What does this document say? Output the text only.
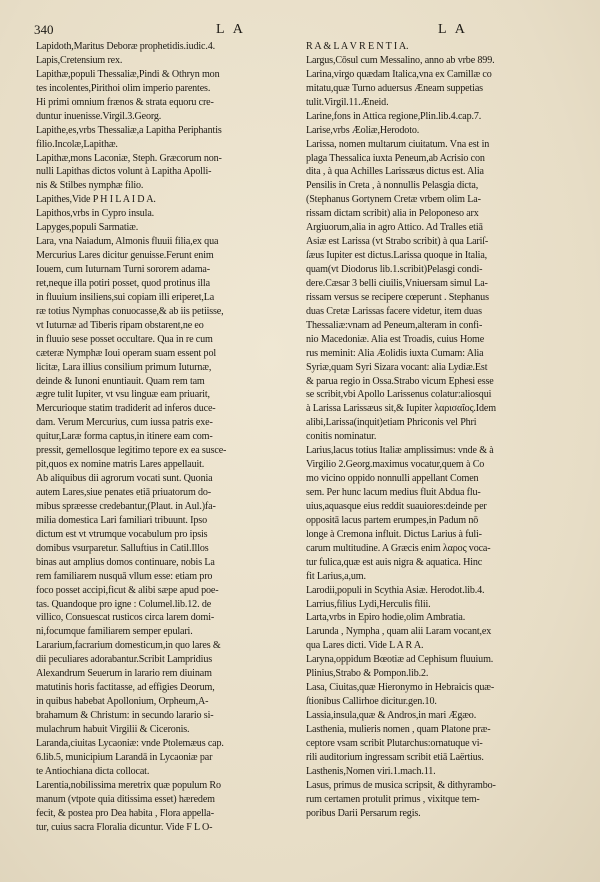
340	L A	L A
Lapidoth,Maritus Deboræ prophetidis.iudic.4.
Lapis,Cretensium rex.
Lapithæ,populi Thessaliæ,Pindi & Othryn mon
tes incolentes,Pirithoi olim imperio parentes.
Hi primi omnium frænos & strata equoru cre-
duntur inuenisse.Virgil.3.Georg.
Lapithe,es,vrbs Thessaliæ,a Lapitha Periphantis
filio.Incolæ,Lapithæ.
Lapithæ,mons Laconiæ, Steph. Græcorum non-
nulli Lapithas dictos volunt à Lapitha Apolli-
nis & Stilbes nymphæ filio.
Lapithes,Vide P H I L A I D A.
Lapithos,vrbs in Cypro insula.
Lapyges,populi Sarmatiæ.
Lara, vna Naiadum, Almonis fluuii filia,ex qua
Mercurius Lares dicitur genuisse.Ferunt enim
Iouem, cum Iuturnam Turni sororem adama-
ret,neque illa potiri posset, quod protinus illa
in fluuium insiliens,sui copiam illi eriperet,La
ræ totius Nymphas conuocasse,& ab iis petiisse,
vt Iuturnæ ad Tiberis ripam obstarent,ne eo
in fluuio sese posset occultare. Qua in re cum
cæteræ Nymphæ Ioui operam suam essent pol
licitæ, Lara illius consilium primum Iuturnæ,
deinde & Iunoni enuntiauit. Quam rem tam
ægre tulit Iupiter, vt vsu linguæ eam priuarit,
Mercurioque statim tradiderit ad inferos duce-
dam. Verum Mercurius, cum iussa patris exe-
quitur,Laræ forma captus,in itinere eam com-
pressit, gemellosque legitimo tepore ex ea susce-
pit,quos ex nomine matris Lares appellauit.
Ab aliquibus dii agrorum vocati sunt. Quonia
autem Lares,siue penates etiā priuatorum do-
mibus spræesse credebantur,(Plaut. in Aul.)fa-
milia domestica Lari familiari tribuunt. Ipso
dictum est vt vtrumque vocabulum pro ipsis
domibus vsurparetur. Salluftius in Catil.Illos
binas aut amplius domos continuare, nobis La
rem familiarem nusquā vllum esse: etiam pro
foco posset accipi,ficut & alibi sæpe apud poe-
tas. Quandoque pro igne : Columel.lib.12. de
villico, Consuescat rusticos circa larem domi-
ni,focumque familiarem semper epulari.
Lararium,facrarium domesticum,in quo lares &
dii peculiares adorabantur.Scribit Lampridius
Alexandrum Seuerum in larario rem diuinam
matutinis horis factitasse, ad effigies Deorum,
in quibus habebat Apollonium, Orpheum,A-
brahamum & Christum: in secundo larario si-
mulachrum habuit Virgilii & Ciceronis.
Laranda,ciuitas Lycaoniæ: vnde Ptolemæus cap.
6.lib.5, municipium Larandā in Lycaoniæ par
te Antiochiana dicta collocat.
Larentia,nobilissima meretrix quæ populum Ro
manum (vtpote quia ditissima esset) hæredem
fecit, & postea pro Dea habita , Flora appella-
tur, cuius sacra Floralia dicuntur. Vide F L O-
R A & L A V R E N T I A.
Largus,Cōsul cum Messalino, anno ab vrbe 899.
Larina,virgo quædam Italica,vna ex Camillæ co
mitatu,quæ Turno aduersus Æneam suppetias
tulit.Virgil.11.Æneid.
Larine,fons in Attica regione,Plin.lib.4.cap.7.
Larise,vrbs Æoliæ,Herodoto.
Larissa, nomen multarum ciuitatum. Vna est in
plaga Thessalica iuxta Peneum,ab Acrisio con
dita , à qua Achilles Larissæus dictus est. Alia
Pensilis in Creta , à nonnullis Pelasgia dicta,
(Stephanus Gortynem Cretæ vrbem olim La-
rissam dictam scribit) alia in Peloponeso arx
Argiuorum,alia in agro Attico. Ad Tralles etiā
Asiæ est Larissa (vt Strabo scribit) à qua Lariſ-
ſæus Iupiter est dictus.Larissa quoque in Italia,
quam(vt Diodorus lib.1.scribit)Pelasgi condi-
dere.Cæsar 3 belli ciuilis,Vniuersam simul La-
rissam versus se recipere cœperunt . Stephanus
duas Cretæ Larissas facere videtur, item duas
Thessaliæ:vnam ad Peneum,alteram in confi-
nio Macedoniæ. Alia est Troadis, cuius Home
rus meminit: Alia Æolidis iuxta Cumam: Alia
Syriæ,quam Syri Sizara vocant: alia Lydiæ.Est
& parua regio in Ossa.Strabo vicum Ephesi esse
se scribit,vbi Apollo Larissenus colatur:aliosqui
à Larissa Larissæus sit,& Iupiter λαρισαῖος.Idem
alibi,Larissa(inquit)etiam Phriconis vel Phri
conitis nominatur.
Larius,lacus totius Italiæ amplissimus: vnde & à
Virgilio 2.Georg.maximus vocatur,quem à Co
mo vicino oppido nonnulli appellant Comen
sem. Per hunc lacum medius fluit Abdua flu-
uius,aquasque eius reddit suauiores:deinde per
oppositā lacus partem erumpes,in Padum nō
longe à Cremona influit. Dictus Larius à fuli-
carum multitudine. A Græcis enim λαρος voca-
tur fulica,quæ est auis nigra & aquatica. Hinc
fit Larius,a,um.
Larodii,populi in Scythia Asiæ. Herodot.lib.4.
Larrius,filius Lydi,Herculis filii.
Larta,vrbs in Epiro hodie,olim Ambratia.
Larunda , Nympha , quam alii Laram vocant,ex
qua Lares dicti. Vide L A R A.
Laryna,oppidum Bœotiæ ad Cephisum fluuium.
Plinius,Strabo & Pompon.lib.2.
Lasa, Ciuitas,quæ Hieronymo in Hebraicis quæ-
ſtionibus Callirhoe dicitur.gen.10.
Lassia,insula,quæ & Andros,in mari Ægæo.
Lasthenia, mulieris nomen , quam Platone præ-
ceptore vsam scribit Plutarchus:ornatuque vi-
rili auditorium ingressam scribit etiā Laërtius.
Lasthenis,Nomen viri.1.mach.11.
Lasus, primus de musica scripsit, & dithyrambo-
rum certamen protulit primus , vixitque tem-
poribus Darii Persarum regis.
